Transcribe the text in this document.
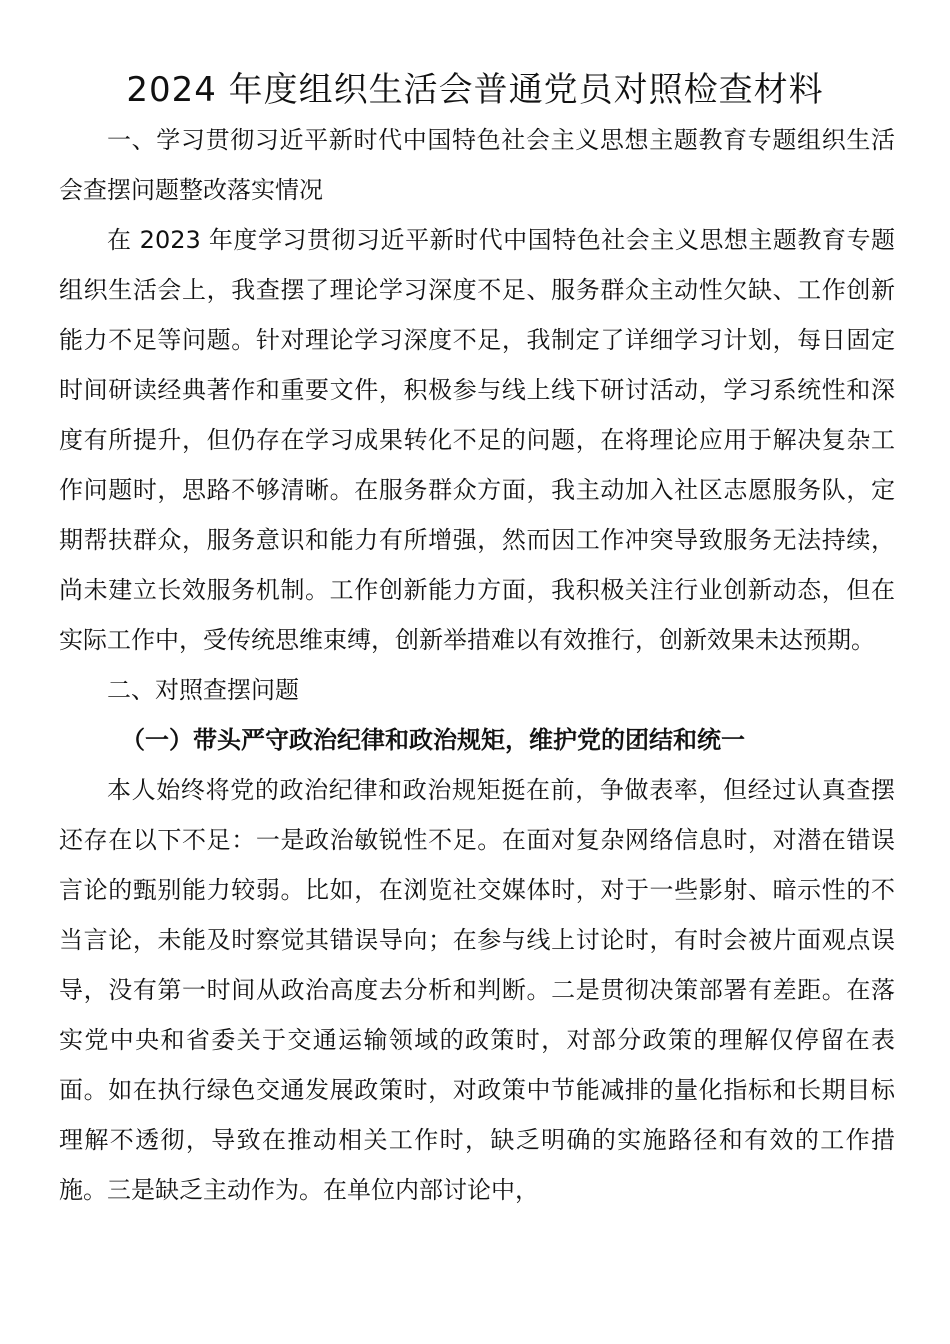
2024 年度组织生活会普通党员对照检查材料

一、学习贯彻习近平新时代中国特色社会主义思想主题教育专题组织生活会查摆问题整改落实情况

在 2023 年度学习贯彻习近平新时代中国特色社会主义思想主题教育专题组织生活会上，我查摆了理论学习深度不足、服务群众主动性欠缺、工作创新能力不足等问题。针对理论学习深度不足，我制定了详细学习计划，每日固定时间研读经典著作和重要文件，积极参与线上线下研讨活动，学习系统性和深度有所提升，但仍存在学习成果转化不足的问题，在将理论应用于解决复杂工作问题时，思路不够清晰。在服务群众方面，我主动加入社区志愿服务队，定期帮扶群众，服务意识和能力有所增强，然而因工作冲突导致服务无法持续，尚未建立长效服务机制。工作创新能力方面，我积极关注行业创新动态，但在实际工作中，受传统思维束缚，创新举措难以有效推行，创新效果未达预期。

二、对照查摆问题

（一）带头严守政治纪律和政治规矩，维护党的团结和统一

本人始终将党的政治纪律和政治规矩挺在前，争做表率，但经过认真查摆还存在以下不足：一是政治敏锐性不足。在面对复杂网络信息时，对潜在错误言论的甄别能力较弱。比如，在浏览社交媒体时，对于一些影射、暗示性的不当言论，未能及时察觉其错误导向；在参与线上讨论时，有时会被片面观点误导，没有第一时间从政治高度去分析和判断。二是贯彻决策部署有差距。在落实党中央和省委关于交通运输领域的政策时，对部分政策的理解仅停留在表面。如在执行绿色交通发展政策时，对政策中节能减排的量化指标和长期目标理解不透彻，导致在推动相关工作时，缺乏明确的实施路径和有效的工作措施。三是缺乏主动作为。在单位内部讨论中，
